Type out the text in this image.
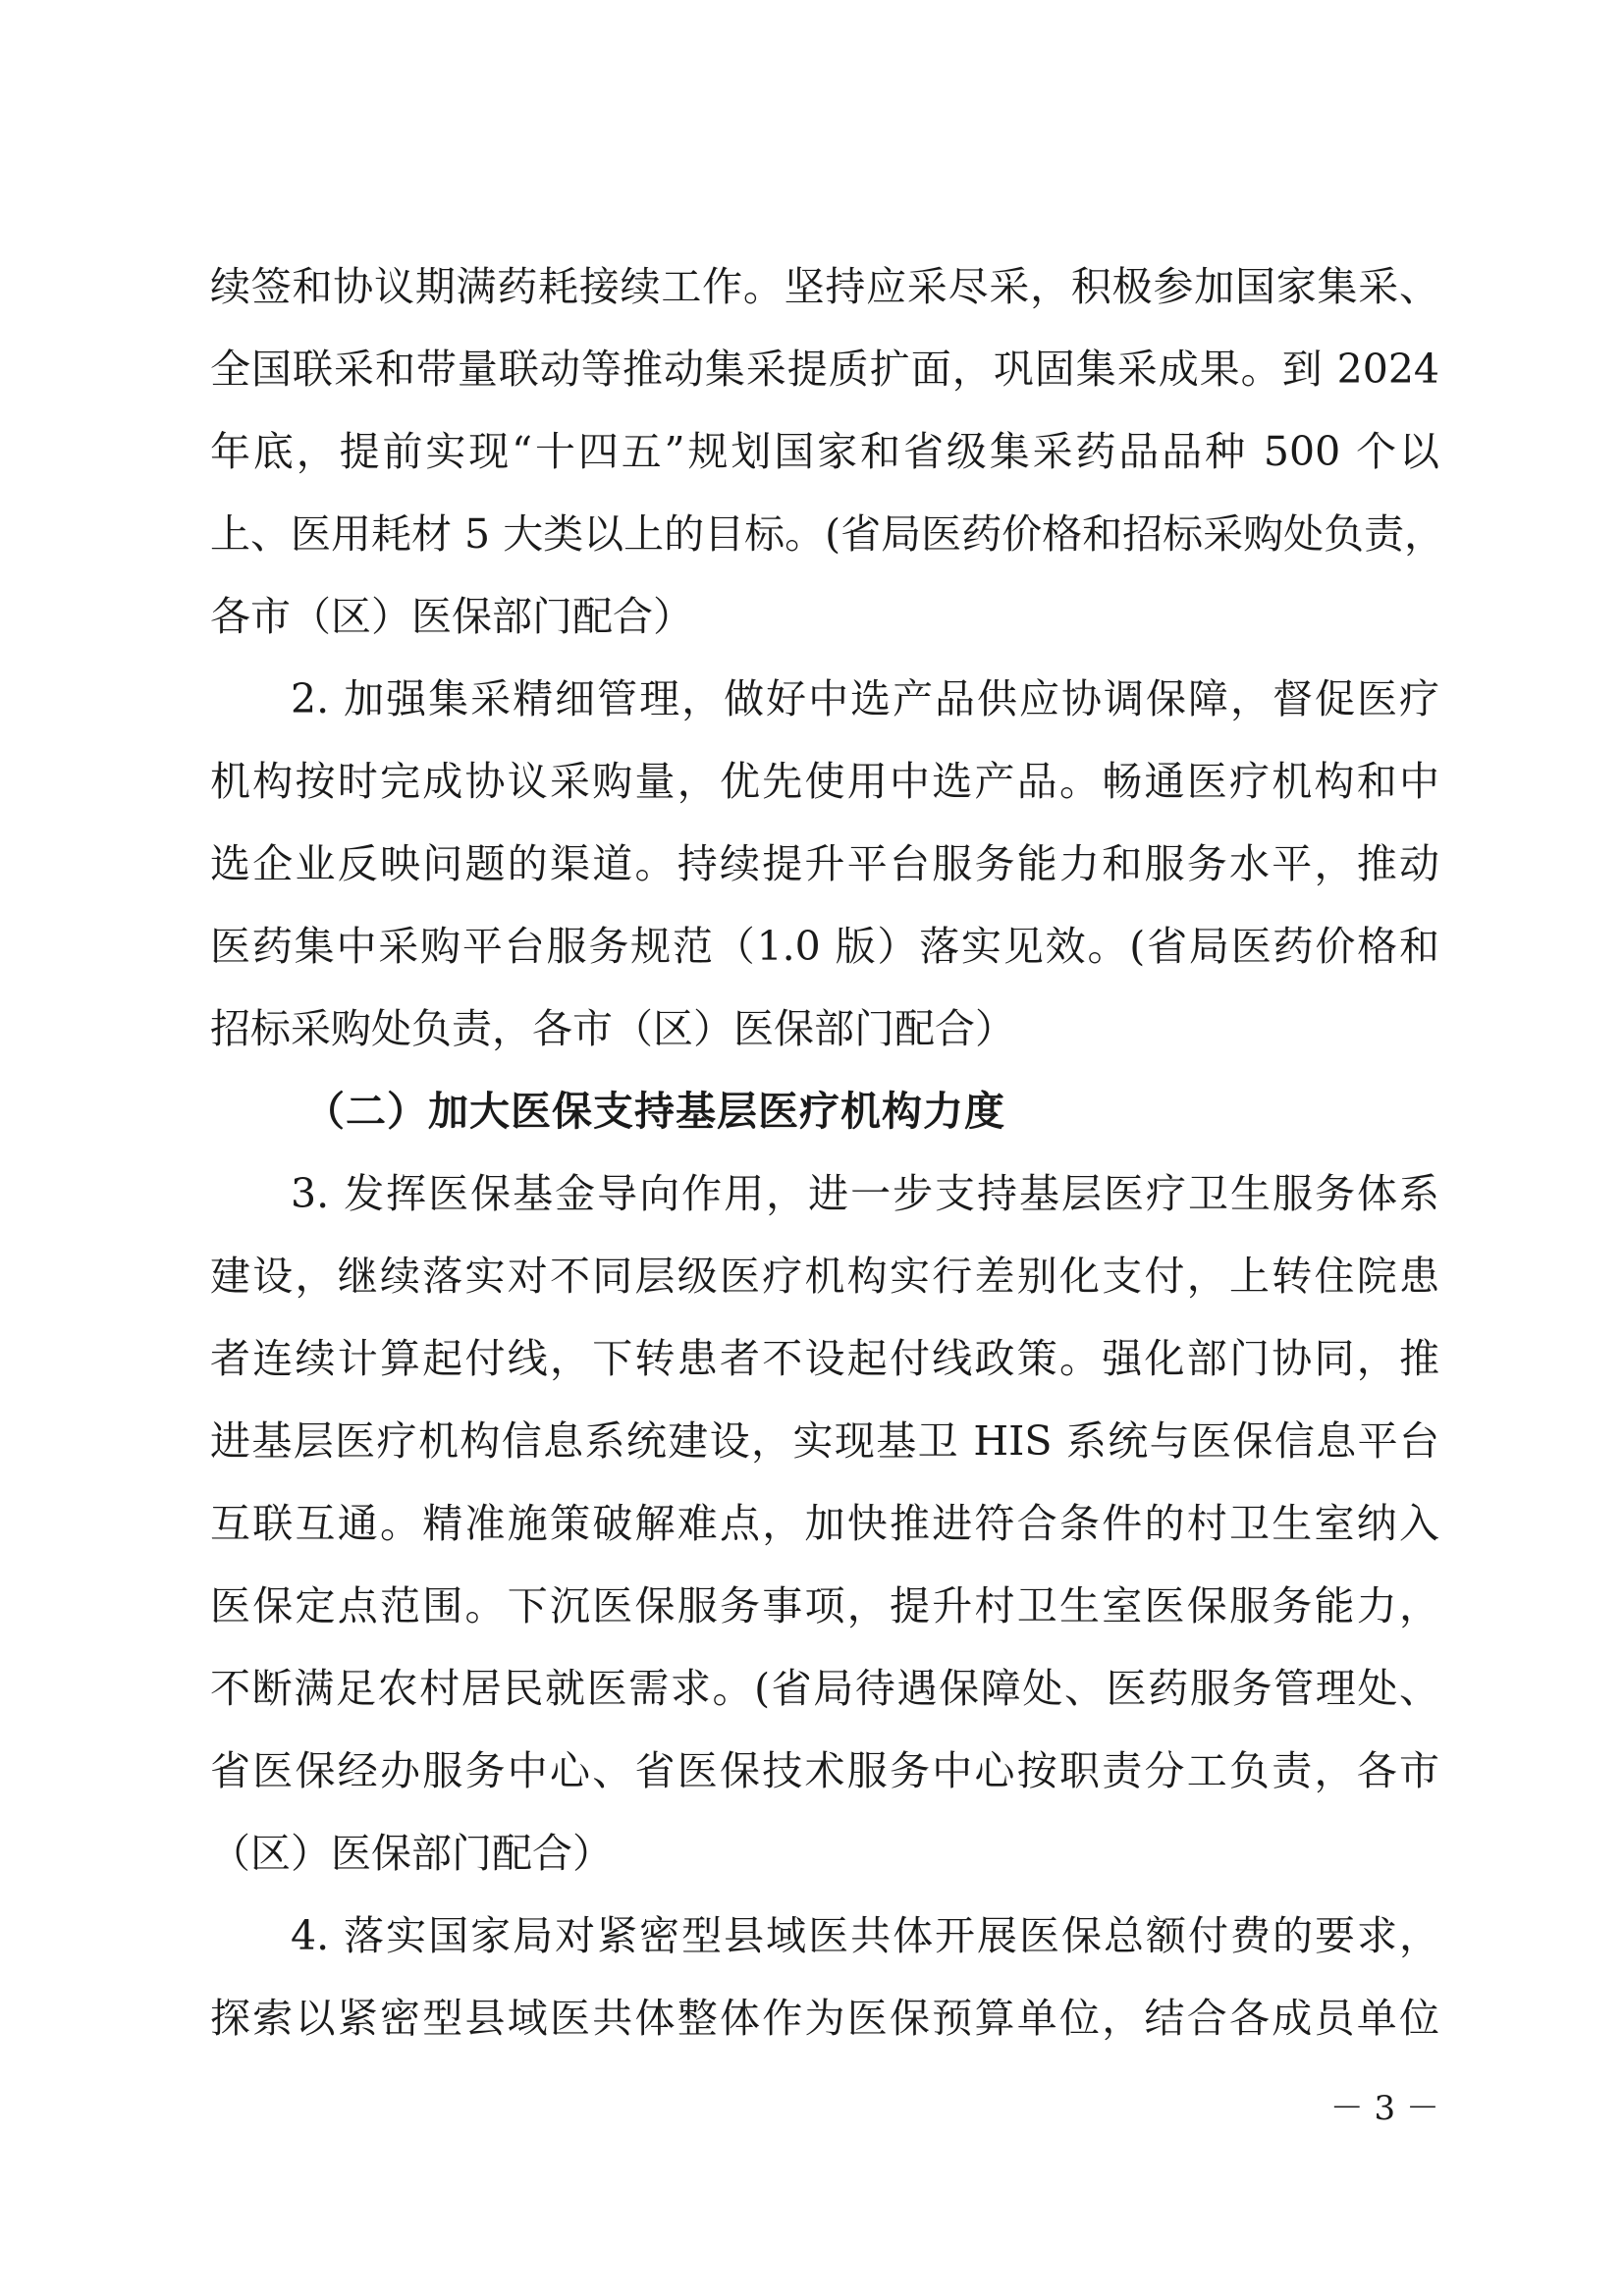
续签和协议期满药耗接续工作。坚持应采尽采，积极参加国家集采、
全国联采和带量联动等推动集采提质扩面，巩固集采成果。到 2024
年底，提前实现“十四五”规划国家和省级集采药品品种 500 个以
上、医用耗材 5 大类以上的目标。(省局医药价格和招标采购处负责，
各市（区）医保部门配合）
2. 加强集采精细管理，做好中选产品供应协调保障，督促医疗
机构按时完成协议采购量，优先使用中选产品。畅通医疗机构和中
选企业反映问题的渠道。持续提升平台服务能力和服务水平，推动
医药集中采购平台服务规范（1.0 版）落实见效。(省局医药价格和
招标采购处负责，各市（区）医保部门配合）
（二）加大医保支持基层医疗机构力度
3. 发挥医保基金导向作用，进一步支持基层医疗卫生服务体系
建设，继续落实对不同层级医疗机构实行差别化支付，上转住院患
者连续计算起付线，下转患者不设起付线政策。强化部门协同，推
进基层医疗机构信息系统建设，实现基卫 HIS 系统与医保信息平台
互联互通。精准施策破解难点，加快推进符合条件的村卫生室纳入
医保定点范围。下沉医保服务事项，提升村卫生室医保服务能力，
不断满足农村居民就医需求。(省局待遇保障处、医药服务管理处、
省医保经办服务中心、省医保技术服务中心按职责分工负责，各市
（区）医保部门配合）
4. 落实国家局对紧密型县域医共体开展医保总额付费的要求，
探索以紧密型县域医共体整体作为医保预算单位，结合各成员单位
－ 3 －
